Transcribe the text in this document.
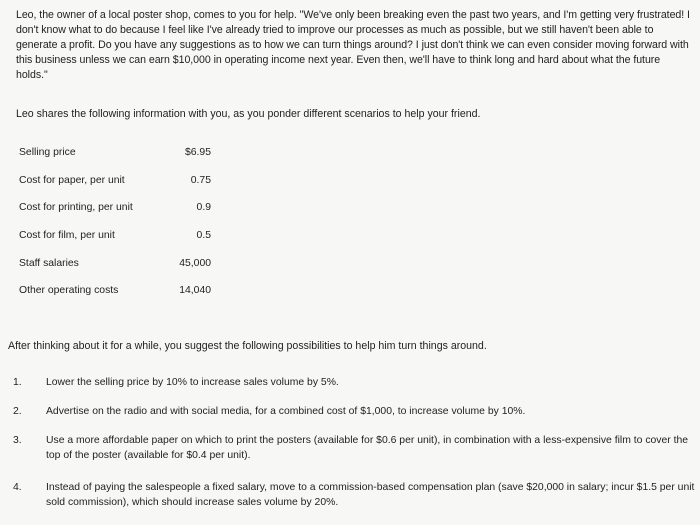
Leo, the owner of a local poster shop, comes to you for help. "We've only been breaking even the past two years, and I'm getting very frustrated! I don't know what to do because I feel like I've already tried to improve our processes as much as possible, but we still haven't been able to generate a profit. Do you have any suggestions as to how we can turn things around? I just don't think we can even consider moving forward with this business unless we can earn $10,000 in operating income next year. Even then, we'll have to think long and hard about what the future holds."

Leo shares the following information with you, as you ponder different scenarios to help your friend.

Selling price	$6.95
Cost for paper, per unit	0.75
Cost for printing, per unit	0.9
Cost for film, per unit	0.5
Staff salaries	45,000
Other operating costs	14,040

After thinking about it for a while, you suggest the following possibilities to help him turn things around.

1.	Lower the selling price by 10% to increase sales volume by 5%.
2.	Advertise on the radio and with social media, for a combined cost of $1,000, to increase volume by 10%.
3.	Use a more affordable paper on which to print the posters (available for $0.6 per unit), in combination with a less-expensive film to cover the top of the poster (available for $0.4 per unit).
4.	Instead of paying the salespeople a fixed salary, move to a commission-based compensation plan (save $20,000 in salary; incur $1.5 per unit sold commission), which should increase sales volume by 20%.
